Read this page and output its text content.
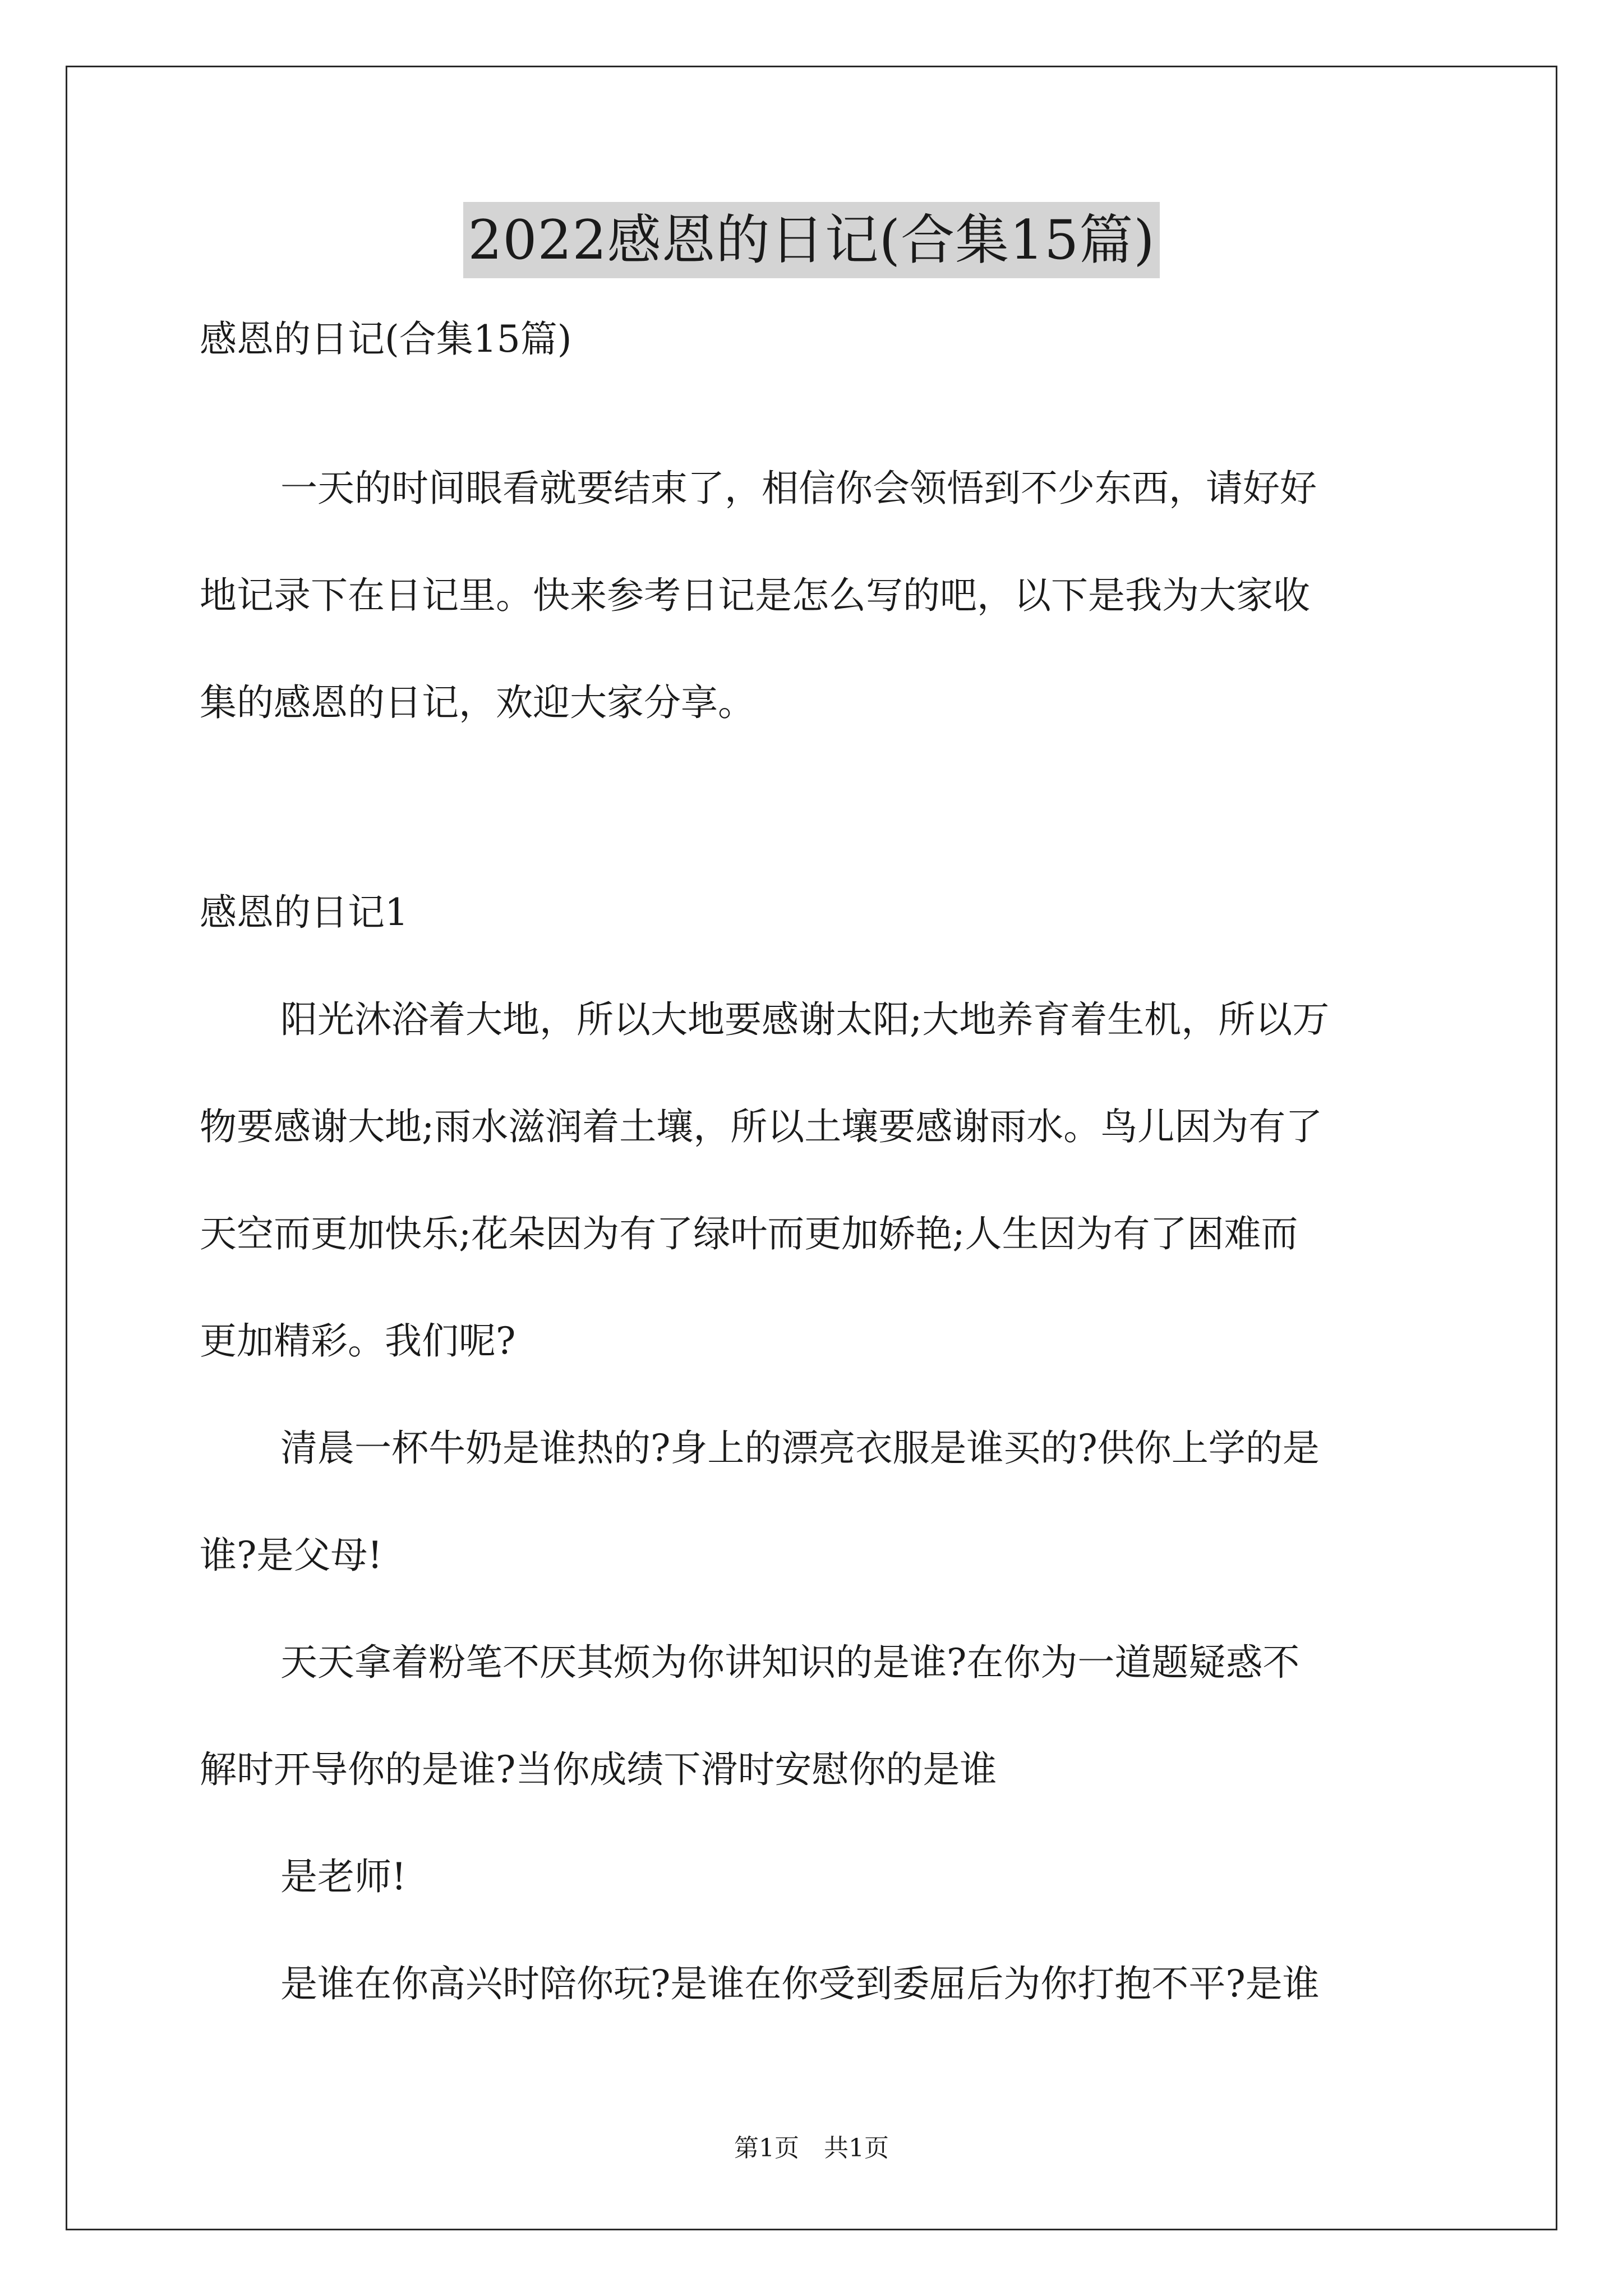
2022感恩的日记(合集15篇)
感恩的日记(合集15篇)
一天的时间眼看就要结束了，相信你会领悟到不少东西，请好好
地记录下在日记里。快来参考日记是怎么写的吧，以下是我为大家收
集的感恩的日记，欢迎大家分享。
感恩的日记1
阳光沐浴着大地，所以大地要感谢太阳;大地养育着生机，所以万
物要感谢大地;雨水滋润着土壤，所以土壤要感谢雨水。鸟儿因为有了
天空而更加快乐;花朵因为有了绿叶而更加娇艳;人生因为有了困难而
更加精彩。我们呢?
清晨一杯牛奶是谁热的?身上的漂亮衣服是谁买的?供你上学的是
谁?是父母!
天天拿着粉笔不厌其烦为你讲知识的是谁?在你为一道题疑惑不
解时开导你的是谁?当你成绩下滑时安慰你的是谁
是老师!
是谁在你高兴时陪你玩?是谁在你受到委屈后为你打抱不平?是谁
第1页　共1页
